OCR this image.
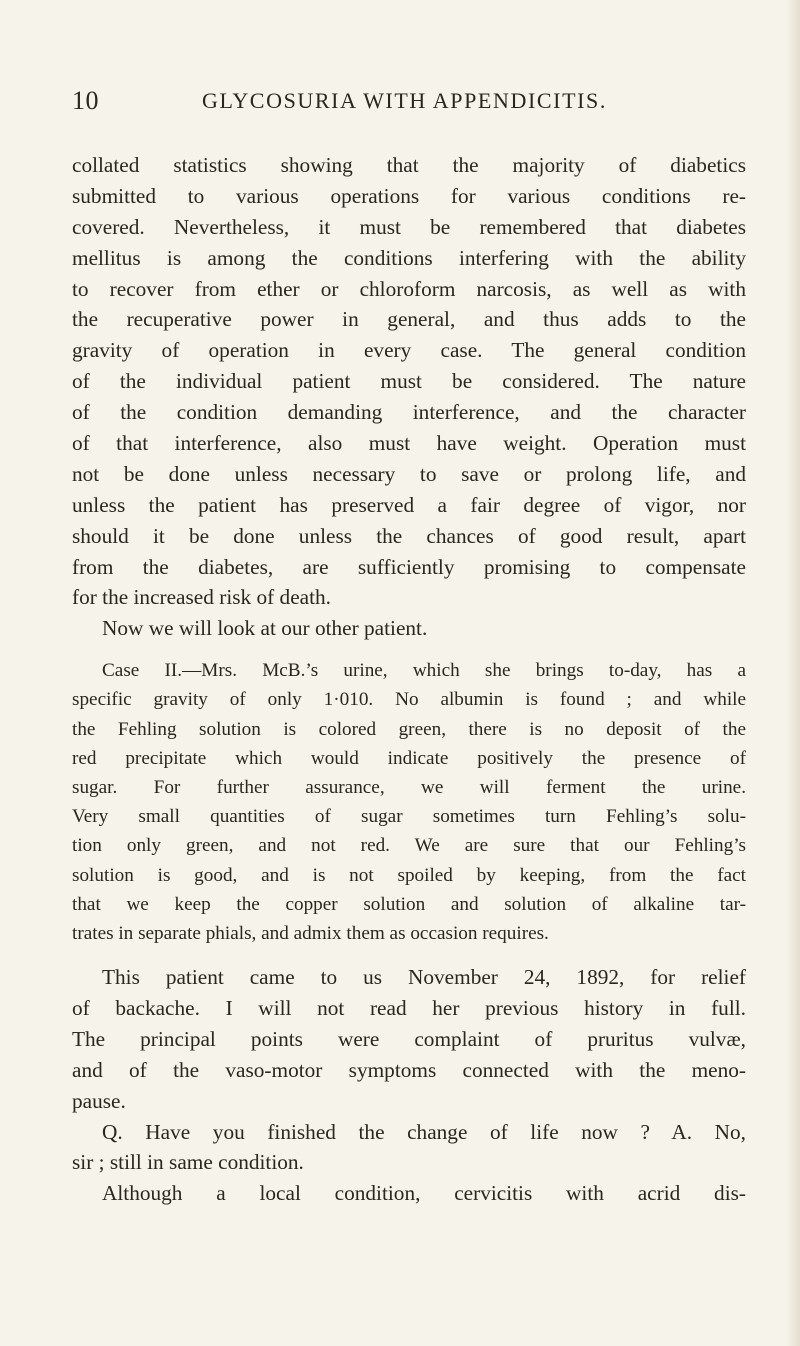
10	GLYCOSURIA WITH APPENDICITIS.
collated statistics showing that the majority of diabetics
submitted to various operations for various conditions re-
covered. Nevertheless, it must be remembered that diabetes
mellitus is among the conditions interfering with the ability
to recover from ether or chloroform narcosis, as well as with
the recuperative power in general, and thus adds to the
gravity of operation in every case. The general condition
of the individual patient must be considered. The nature
of the condition demanding interference, and the character
of that interference, also must have weight. Operation must
not be done unless necessary to save or prolong life, and
unless the patient has preserved a fair degree of vigor, nor
should it be done unless the chances of good result, apart
from the diabetes, are sufficiently promising to compensate
for the increased risk of death.
Now we will look at our other patient.
Case II.—Mrs. McB.’s urine, which she brings to-day, has a
specific gravity of only 1·010. No albumin is found ; and while
the Fehling solution is colored green, there is no deposit of the
red precipitate which would indicate positively the presence of
sugar. For further assurance, we will ferment the urine.
Very small quantities of sugar sometimes turn Fehling’s solu-
tion only green, and not red. We are sure that our Fehling’s
solution is good, and is not spoiled by keeping, from the fact
that we keep the copper solution and solution of alkaline tar-
trates in separate phials, and admix them as occasion requires.
This patient came to us November 24, 1892, for relief
of backache. I will not read her previous history in full.
The principal points were complaint of pruritus vulvæ,
and of the vaso-motor symptoms connected with the meno-
pause.
Q. Have you finished the change of life now ? A. No,
sir ; still in same condition.
Although a local condition, cervicitis with acrid dis-
